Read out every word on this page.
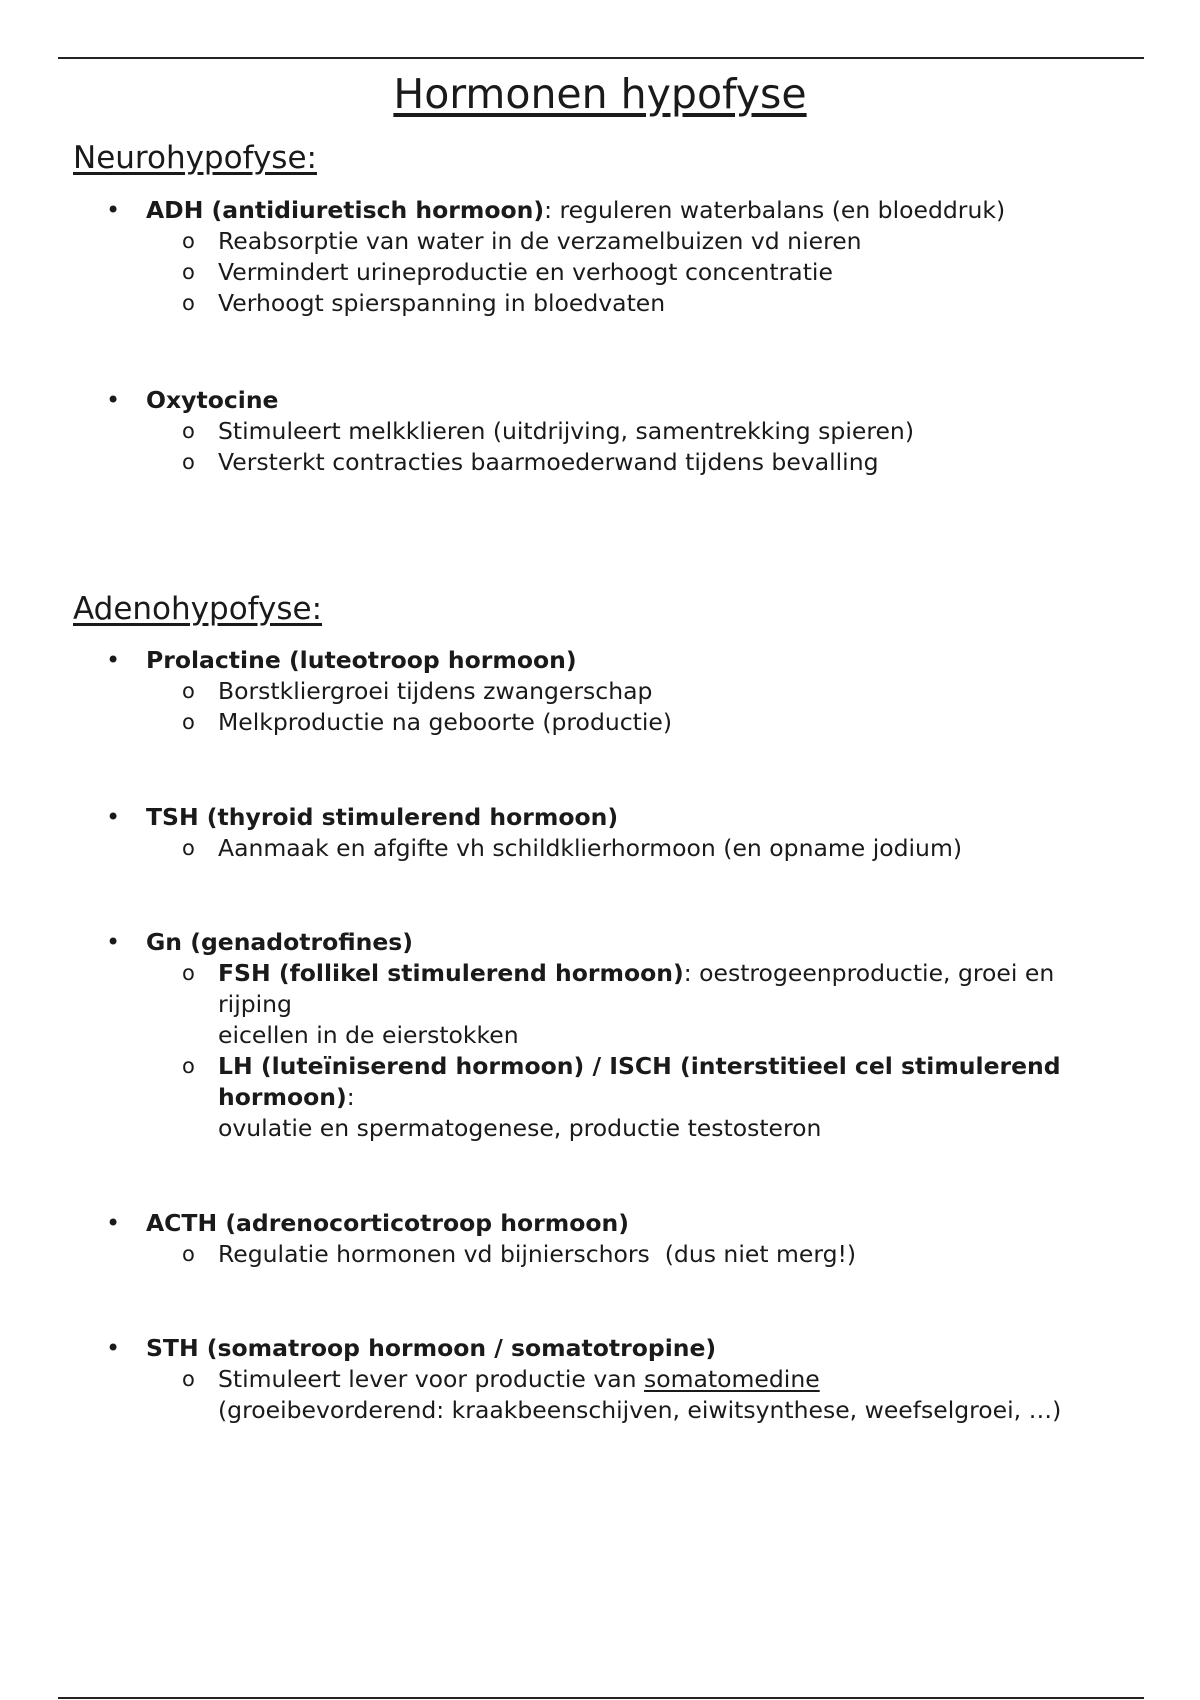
Hormonen hypofyse
Neurohypofyse:
• ADH (antidiuretisch hormoon): reguleren waterbalans (en bloeddruk)
o Reabsorptie van water in de verzamelbuizen vd nieren
o Vermindert urineproductie en verhoogt concentratie
o Verhoogt spierspanning in bloedvaten
• Oxytocine
o Stimuleert melkklieren (uitdrijving, samentrekking spieren)
o Versterkt contracties baarmoederwand tijdens bevalling
Adenohypofyse:
• Prolactine (luteotroop hormoon)
o Borstkliergroei tijdens zwangerschap
o Melkproductie na geboorte (productie)
• TSH (thyroid stimulerend hormoon)
o Aanmaak en afgifte vh schildklierhormoon (en opname jodium)
• Gn (genadotrofines)
o FSH (follikel stimulerend hormoon): oestrogeenproductie, groei en rijping
eicellen in de eierstokken
o LH (luteïniserend hormoon) / ISCH (interstitieel cel stimulerend hormoon):
ovulatie en spermatogenese, productie testosteron
• ACTH (adrenocorticotroop hormoon)
o Regulatie hormonen vd bijnierschors  (dus niet merg!)
• STH (somatroop hormoon / somatotropine)
o Stimuleert lever voor productie van somatomedine
(groeibevorderend: kraakbeenschijven, eiwitsynthese, weefselgroei, …)
